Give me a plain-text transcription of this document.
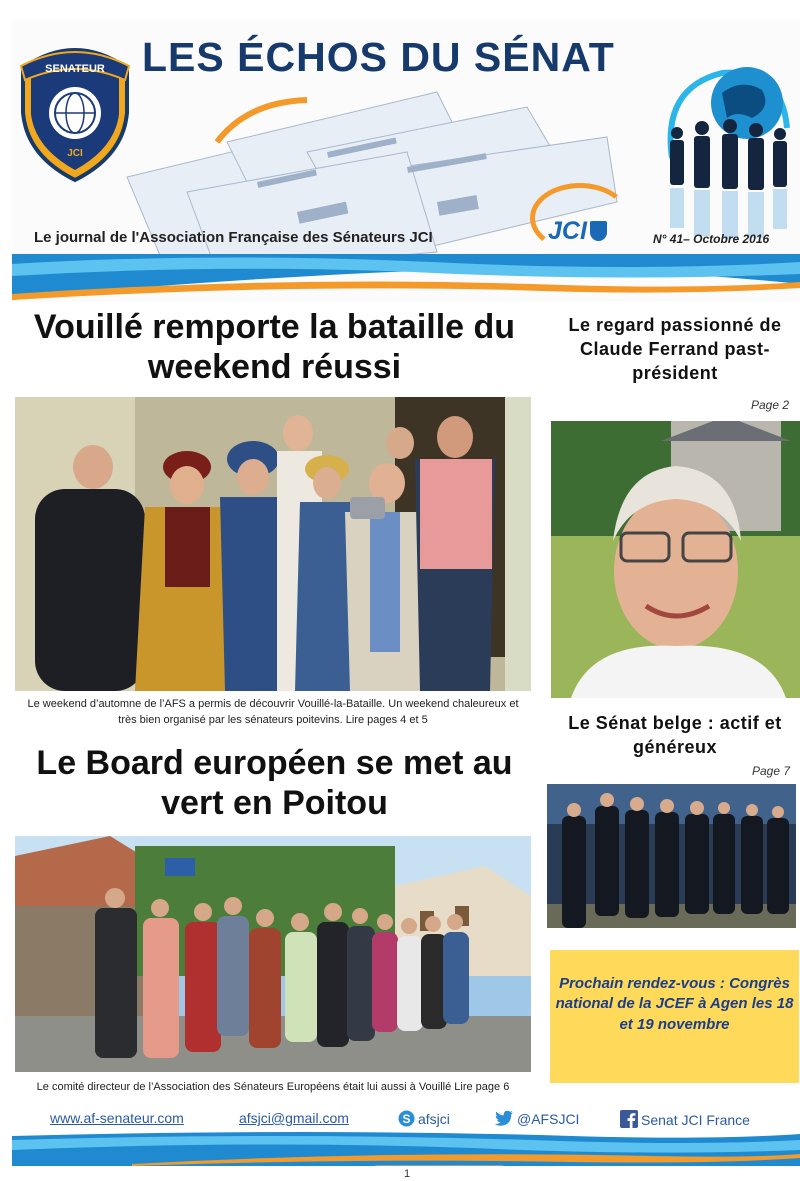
SENATEUR
JCI
LES ÉCHOS DU SÉNAT
JCI
Le journal de l'Association Française des Sénateurs JCI	N° 41– Octobre 2016
Vouillé remporte la bataille du weekend réussi

Le weekend d’automne de l’AFS a permis de découvrir Vouillé-la-Bataille. Un weekend chaleureux et très bien organisé par les sénateurs poitevins. Lire pages 4 et 5

Le Board européen se met au vert en Poitou

Le comité directeur de l’Association des Sénateurs Européens était lui aussi à Vouillé Lire page 6

Le regard passionné de Claude Ferrand past-président
Page 2
Le Sénat belge : actif et généreux
Page 7

Prochain rendez-vous : Congrès national de la JCEF à Agen les 18 et 19 novembre

www.af-senateur.com	afsjci@gmail.com	S afsjci	@AFSJCI	Senat JCI France
1
